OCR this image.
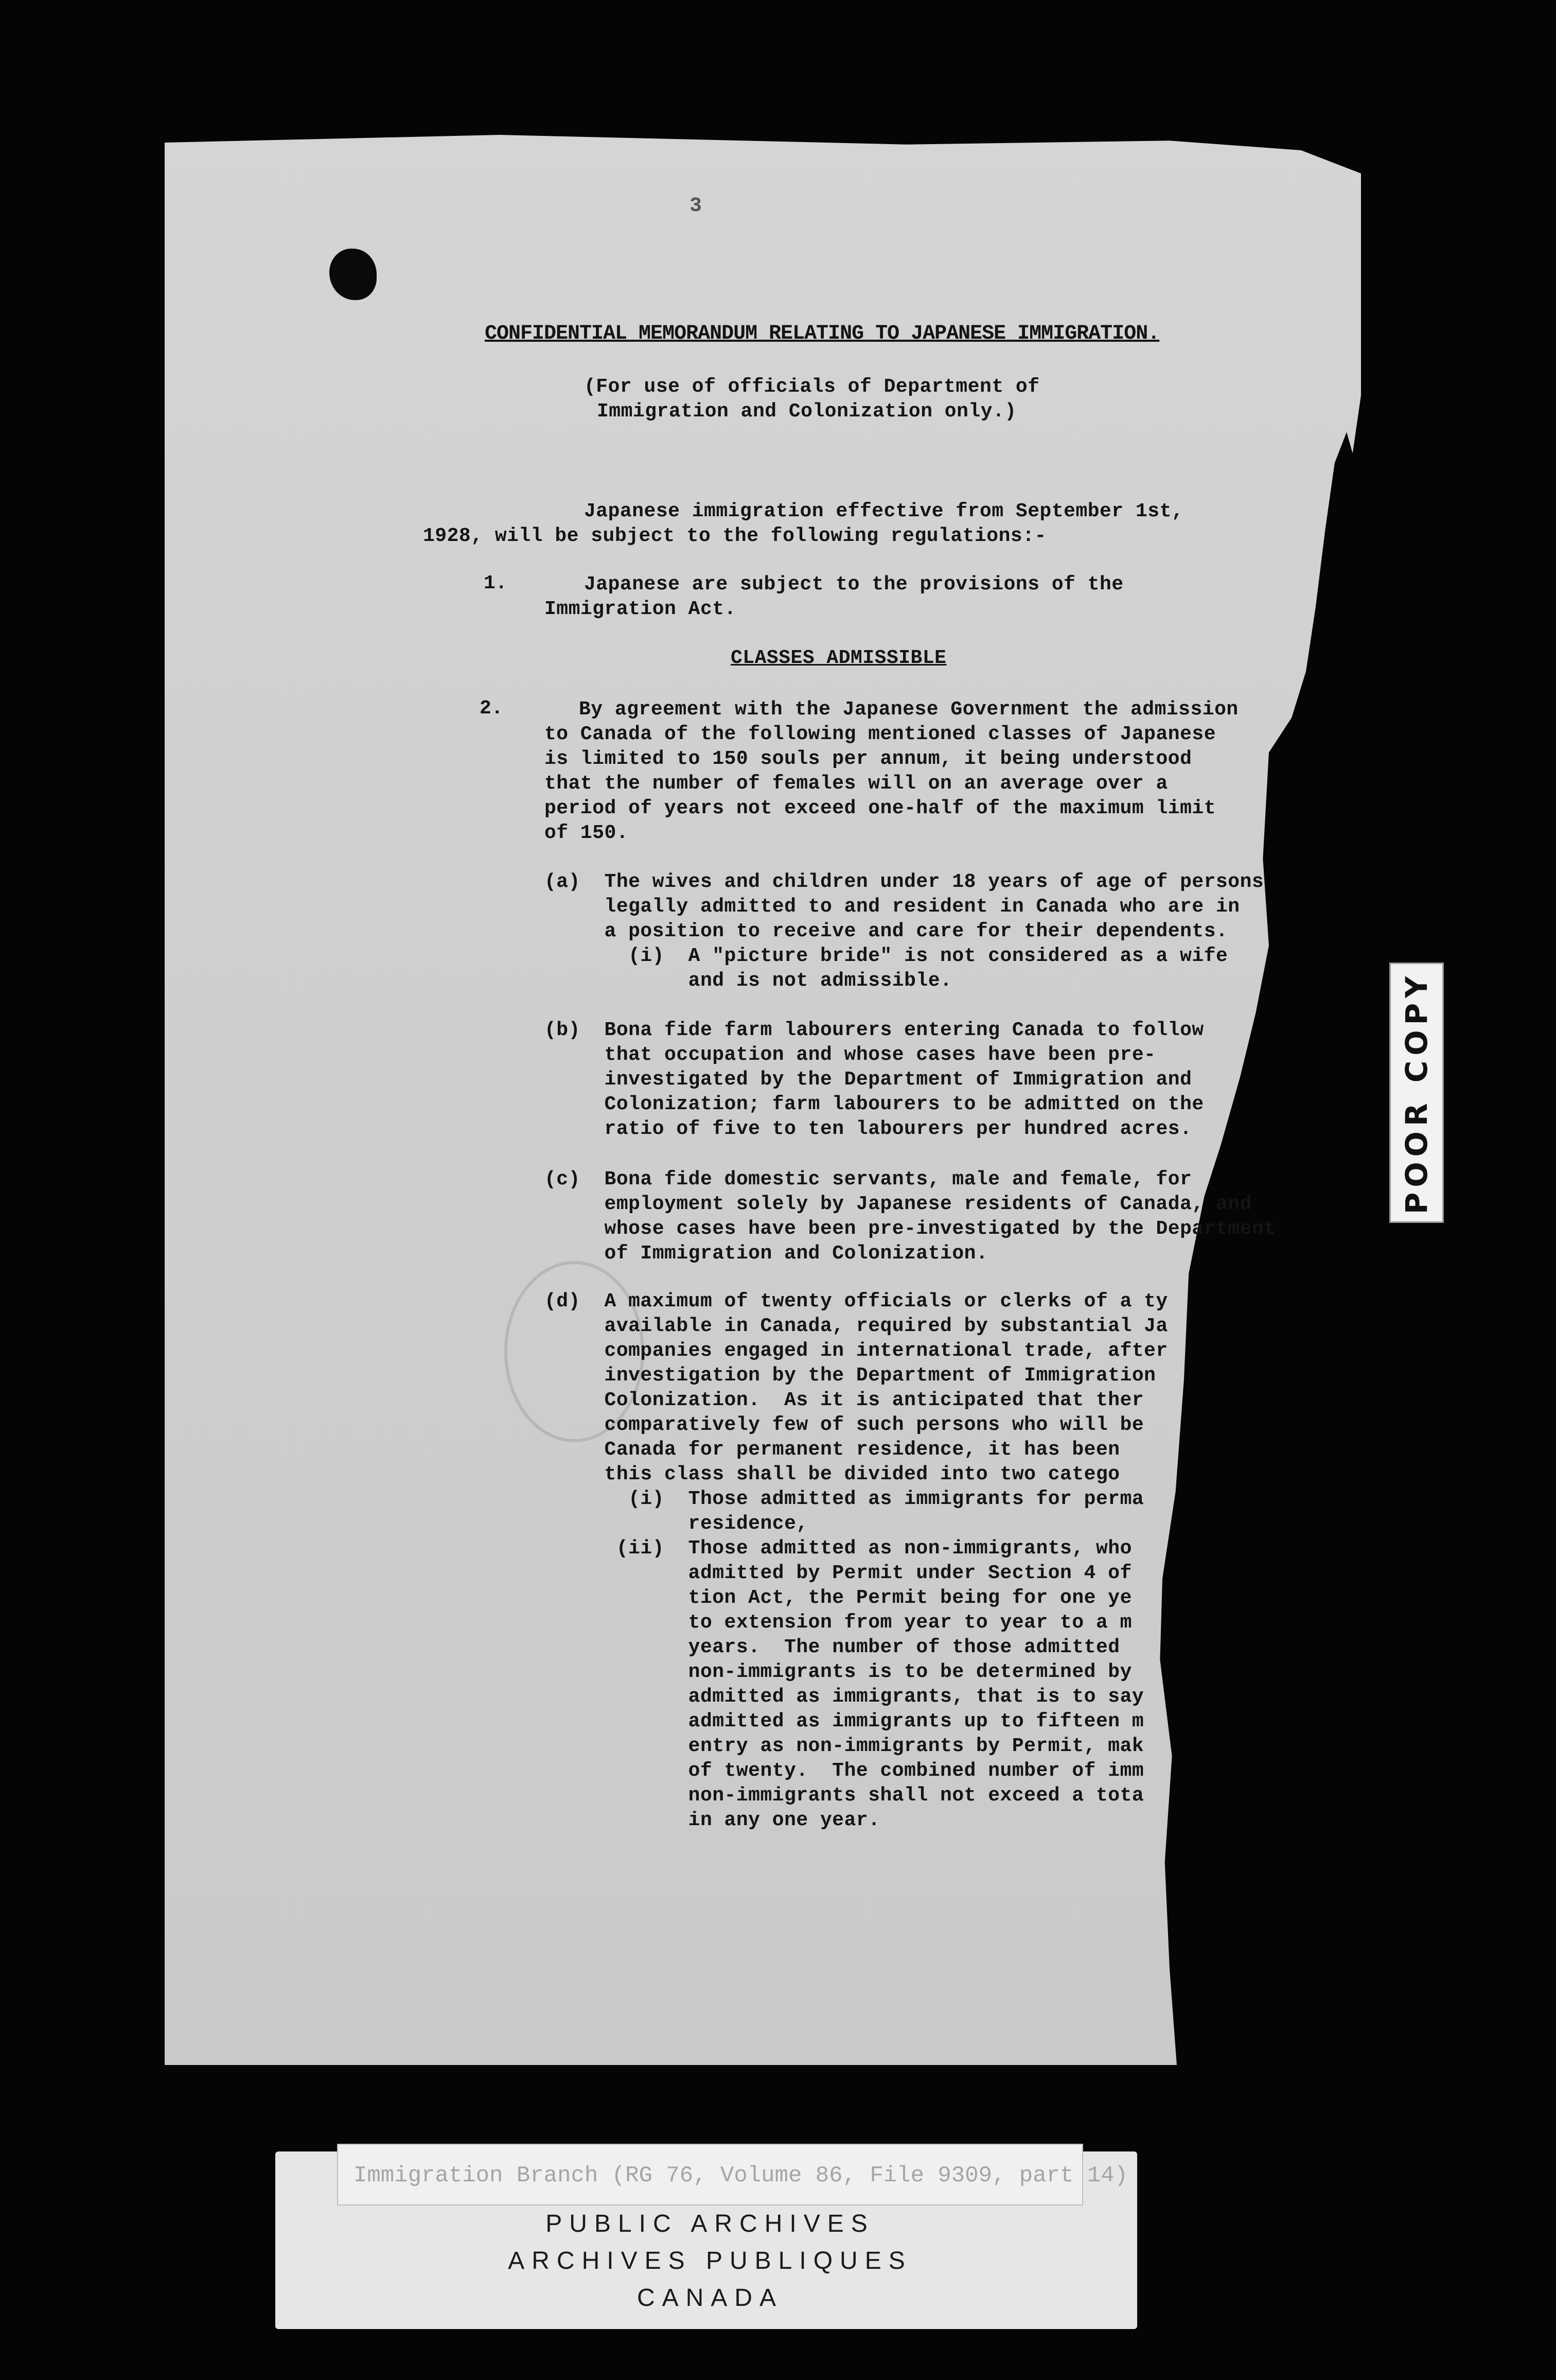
3
CONFIDENTIAL MEMORANDUM RELATING TO JAPANESE IMMIGRATION.
(For use of officials of Department of
Immigration and Colonization only.)
Japanese immigration effective from September 1st,
1928, will be subject to the following regulations:-
1.	Japanese are subject to the provisions of the
Immigration Act.
CLASSES ADMISSIBLE
2.	By agreement with the Japanese Government the admission
to Canada of the following mentioned classes of Japanese
is limited to 150 souls per annum, it being understood
that the number of females will on an average over a
period of years not exceed one-half of the maximum limit
of 150.
(a)  The wives and children under 18 years of age of persons
legally admitted to and resident in Canada who are in
a position to receive and care for their dependents.
(i)  A "picture bride" is not considered as a wife
and is not admissible.
(b)  Bona fide farm labourers entering Canada to follow
that occupation and whose cases have been pre-
investigated by the Department of Immigration and
Colonization; farm labourers to be admitted on the
ratio of five to ten labourers per hundred acres.
(c)  Bona fide domestic servants, male and female, for
employment solely by Japanese residents of Canada, and
whose cases have been pre-investigated by the Department
of Immigration and Colonization.
(d)  A maximum of twenty officials or clerks of a ty
available in Canada, required by substantial Ja
companies engaged in international trade, after
investigation by the Department of Immigration
Colonization.  As it is anticipated that ther
comparatively few of such persons who will be
Canada for permanent residence, it has been
this class shall be divided into two catego
(i)  Those admitted as immigrants for perma
residence,
(ii)  Those admitted as non-immigrants, who
admitted by Permit under Section 4 of
tion Act, the Permit being for one ye
to extension from year to year to a m
years.  The number of those admitted
non-immigrants is to be determined by
admitted as immigrants, that is to say
admitted as immigrants up to fifteen m
entry as non-immigrants by Permit, mak
of twenty.  The combined number of imm
non-immigrants shall not exceed a tota
in any one year.
POOR COPY
Immigration Branch (RG 76, Volume 86, File 9309, part 14)
PUBLIC ARCHIVES
ARCHIVES PUBLIQUES
CANADA
